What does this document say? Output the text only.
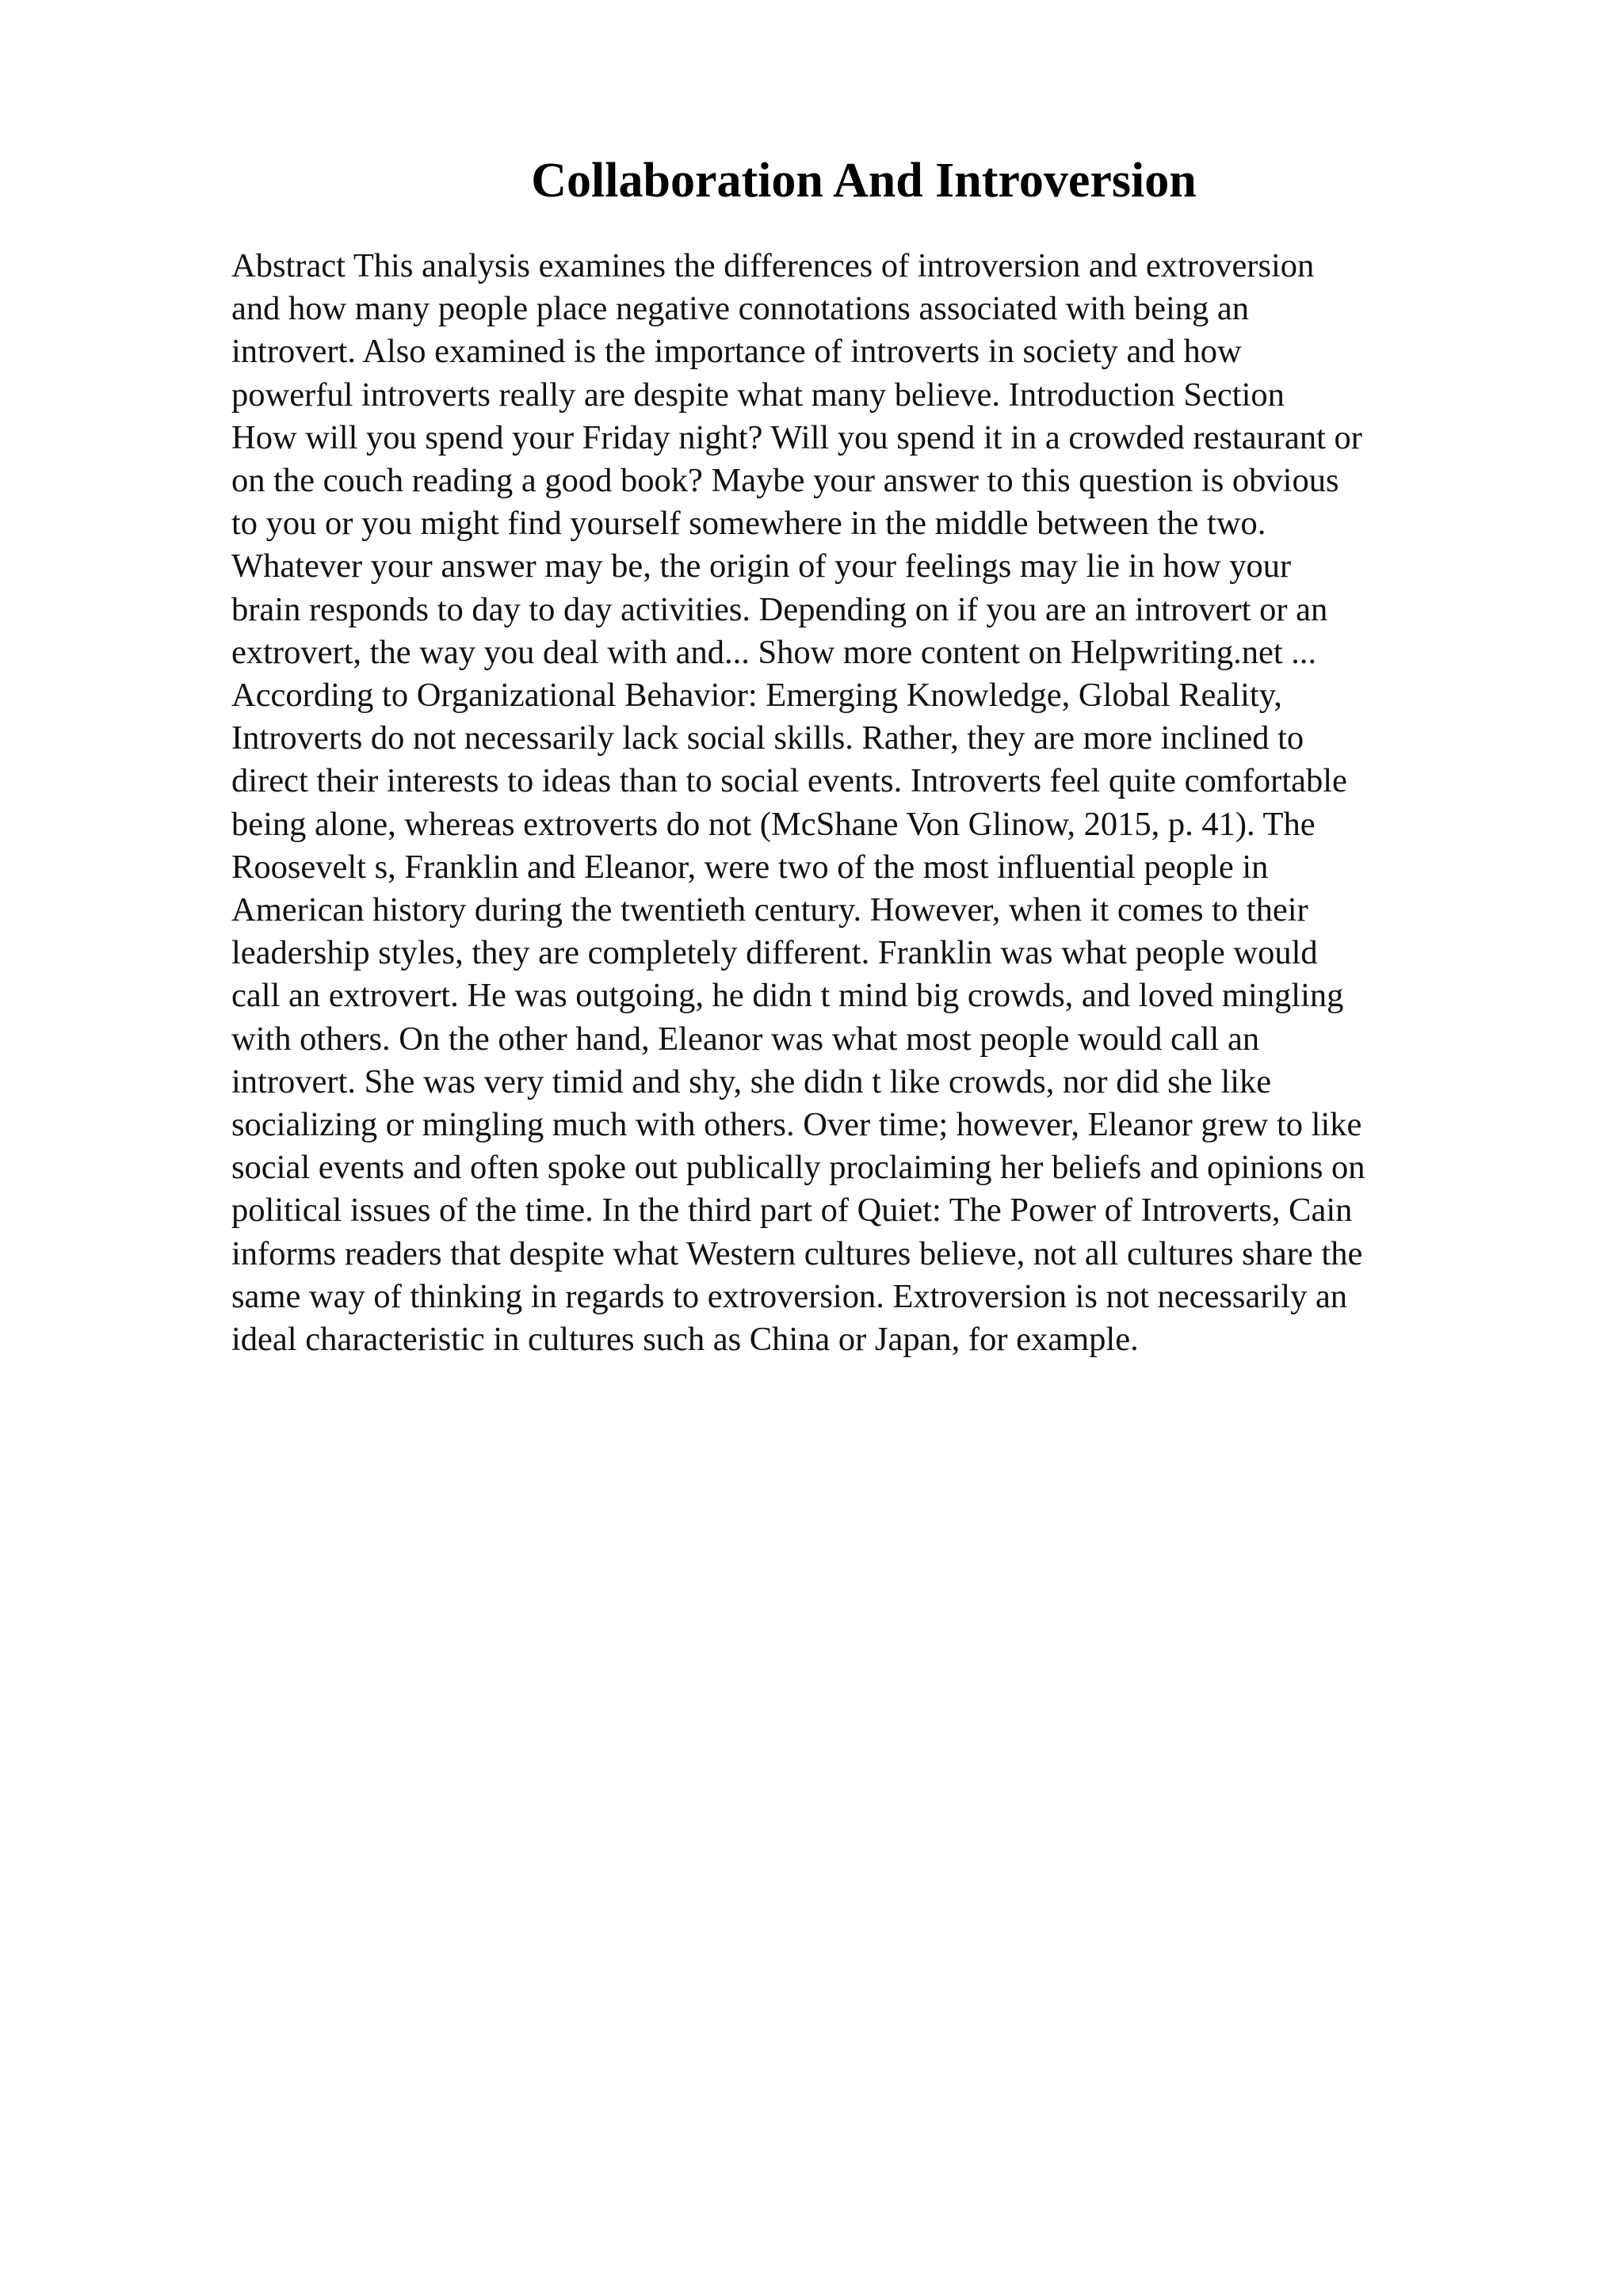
Collaboration And Introversion
Abstract This analysis examines the differences of introversion and extroversion
and how many people place negative connotations associated with being an
introvert. Also examined is the importance of introverts in society and how
powerful introverts really are despite what many believe. Introduction Section
How will you spend your Friday night? Will you spend it in a crowded restaurant or
on the couch reading a good book? Maybe your answer to this question is obvious
to you or you might find yourself somewhere in the middle between the two.
Whatever your answer may be, the origin of your feelings may lie in how your
brain responds to day to day activities. Depending on if you are an introvert or an
extrovert, the way you deal with and... Show more content on Helpwriting.net ...
According to Organizational Behavior: Emerging Knowledge, Global Reality,
Introverts do not necessarily lack social skills. Rather, they are more inclined to
direct their interests to ideas than to social events. Introverts feel quite comfortable
being alone, whereas extroverts do not (McShane Von Glinow, 2015, p. 41). The
Roosevelt s, Franklin and Eleanor, were two of the most influential people in
American history during the twentieth century. However, when it comes to their
leadership styles, they are completely different. Franklin was what people would
call an extrovert. He was outgoing, he didn t mind big crowds, and loved mingling
with others. On the other hand, Eleanor was what most people would call an
introvert. She was very timid and shy, she didn t like crowds, nor did she like
socializing or mingling much with others. Over time; however, Eleanor grew to like
social events and often spoke out publically proclaiming her beliefs and opinions on
political issues of the time. In the third part of Quiet: The Power of Introverts, Cain
informs readers that despite what Western cultures believe, not all cultures share the
same way of thinking in regards to extroversion. Extroversion is not necessarily an
ideal characteristic in cultures such as China or Japan, for example.
